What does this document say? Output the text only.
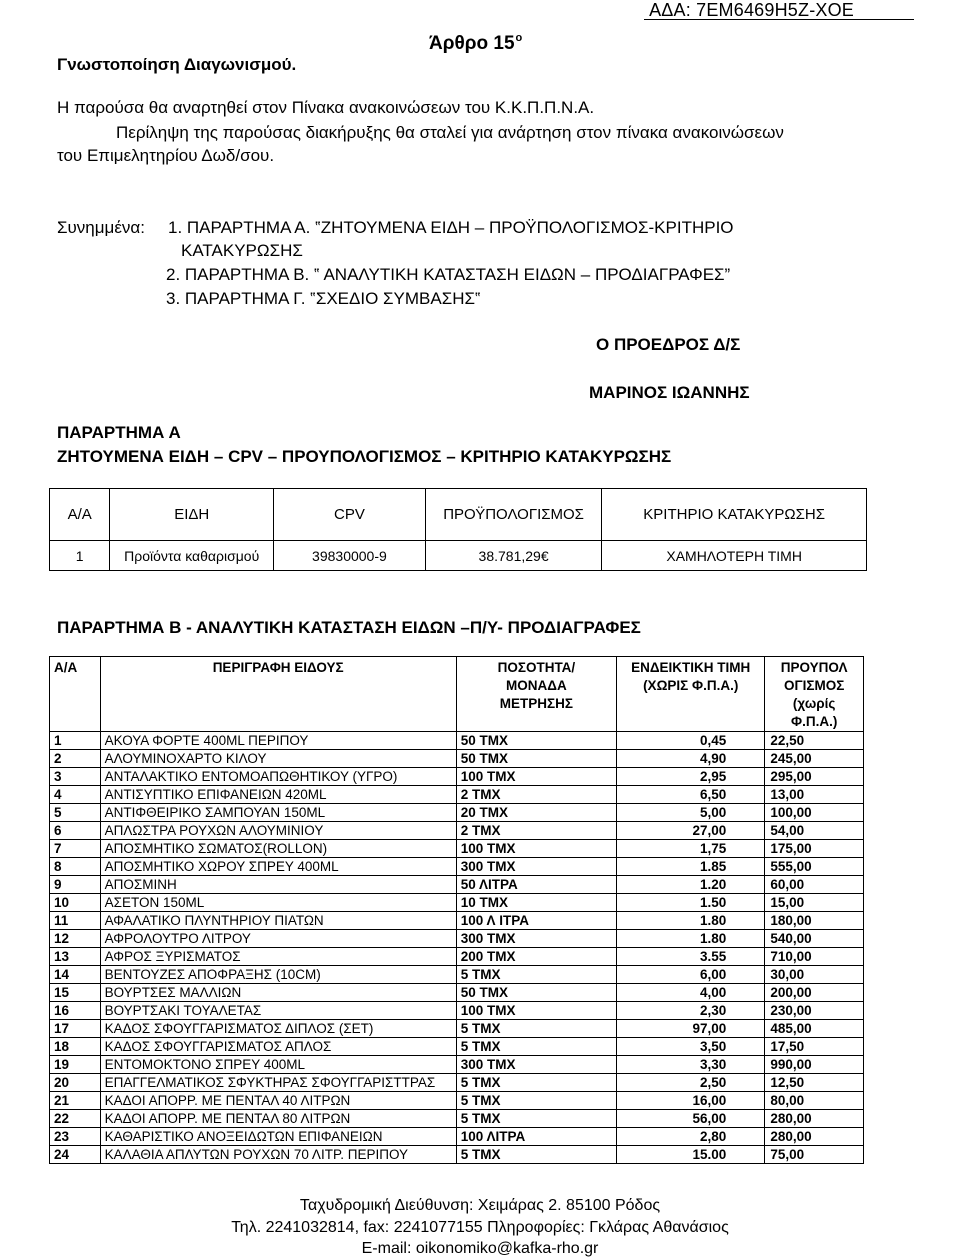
ΑΔΑ: 7ΕΜ6469Η5Ζ-ΧΟΕ
Γνωστοποίηση Διαγωνισμού.
Άρθρο $15^o$
Η παρούσα θα αναρτηθεί στον Πίνακα ανακοινώσεων του Κ.Κ.Π.Π.Ν.Α.
Περίληψη της παρούσας διακήρυξης θα σταλεί για ανάρτηση στον πίνακα ανακοινώσεων
του Επιμελητηρίου Δωδ/σου.
Συνημμένα: 1. ΠΑΡΑΡΤΗΜΑ Α. ‟ΖΗΤΟΥΜΕΝΑ ΕΙΔΗ – ΠΡΟΫΠΟΛΟΓΙΣΜΟΣ-ΚΡΙΤΗΡΙΟ
ΚΑΤΑΚΥΡΩΣΗΣ
2. ΠΑΡΑΡΤΗΜΑ Β. ‟ ΑΝΑΛΥΤΙΚΗ ΚΑΤΑΣΤΑΣΗ ΕΙΔΩΝ – ΠΡΟΔΙΑΓΡΑΦΕΣ”
3. ΠΑΡΑΡΤΗΜΑ Γ. ‟ΣΧΕΔΙΟ ΣΥΜΒΑΣΗΣ‟
Ο ΠΡΟΕΔΡΟΣ Δ/Σ
ΜΑΡΙΝΟΣ ΙΩΑΝΝΗΣ
ΠΑΡΑΡΤΗΜΑ Α
ΖΗΤΟΥΜΕΝΑ ΕΙΔΗ – CPV – ΠΡΟΥΠΟΛΟΓΙΣΜΟΣ – ΚΡΙΤΗΡΙΟ ΚΑΤΑΚΥΡΩΣΗΣ
Α/Α	ΕΙΔΗ	CPV	ΠΡΟΫΠΟΛΟΓΙΣΜΟΣ	ΚΡΙΤΗΡΙΟ ΚΑΤΑΚΥΡΩΣΗΣ
1	Προϊόντα καθαρισμού	39830000-9	38.781,29€	ΧΑΜΗΛΟΤΕΡΗ ΤΙΜΗ
ΠΑΡΑΡΤΗΜΑ Β - ΑΝΑΛΥΤΙΚΗ ΚΑΤΑΣΤΑΣΗ ΕΙΔΩΝ –Π/Υ- ΠΡΟΔΙΑΓΡΑΦΕΣ
Α/Α	ΠΕΡΙΓΡΑΦΗ ΕΙΔΟΥΣ	ΠΟΣΟΤΗΤΑ/ ΜΟΝΑΔΑ ΜΕΤΡΗΣΗΣ	ΕΝΔΕΙΚΤΙΚΗ ΤΙΜΗ (ΧΩΡΙΣ Φ.Π.Α.)	ΠΡΟΥΠΟΛ ΟΓΙΣΜΟΣ (χωρίς Φ.Π.Α.)
1	ΑΚΟΥΑ ΦΟΡΤΕ 400ML ΠΕΡΙΠΟΥ	50 ΤΜΧ	0,45	22,50
2	ΑΛΟΥΜΙΝΟΧΑΡΤΟ ΚΙΛΟΥ	50 ΤΜΧ	4,90	245,00
3	ΑΝΤΑΛΑΚΤΙΚΟ ΕΝΤΟΜΟΑΠΩΘΗΤΙΚΟΥ (ΥΓΡΟ)	100 ΤΜΧ	2,95	295,00
4	ΑΝΤΙΣΥΠΤΙΚΟ ΕΠΙΦΑΝΕΙΩΝ 420ML	2 ΤΜΧ	6,50	13,00
5	ΑΝΤΙΦΘΕΙΡΙΚΟ ΣΑΜΠΟΥΑΝ 150ML	20 ΤΜΧ	5,00	100,00
6	ΑΠΛΩΣΤΡΑ ΡΟΥΧΩΝ ΑΛΟΥΜΙΝΙΟΥ	2 ΤΜΧ	27,00	54,00
7	ΑΠΟΣΜΗΤΙΚΟ ΣΩΜΑΤΟΣ(ROLLON)	100 ΤΜΧ	1,75	175,00
8	ΑΠΟΣΜΗΤΙΚΟ ΧΩΡΟΥ ΣΠΡΕΥ 400ML	300 ΤΜΧ	1.85	555,00
9	ΑΠΟΣΜΙΝΗ	50 ΛΙΤΡΑ	1.20	60,00
10	ΑΣΕΤΟΝ 150ML	10 ΤΜΧ	1.50	15,00
11	ΑΦΑΛΑΤΙΚΟ ΠΛΥΝΤΗΡΙΟΥ ΠΙΑΤΩΝ	100 Λ ΙΤΡΑ	1.80	180,00
12	ΑΦΡΟΛΟΥΤΡΟ ΛΙΤΡΟΥ	300 ΤΜΧ	1.80	540,00
13	ΑΦΡΟΣ ΞΥΡΙΣΜΑΤΟΣ	200 ΤΜΧ	3.55	710,00
14	ΒΕΝΤΟΥΖΕΣ ΑΠΟΦΡΑΞΗΣ (10CM)	5 ΤΜΧ	6,00	30,00
15	ΒΟΥΡΤΣΕΣ ΜΑΛΛΙΩΝ	50 ΤΜΧ	4,00	200,00
16	ΒΟΥΡΤΣΑΚΙ ΤΟΥΑΛΕΤΑΣ	100 ΤΜΧ	2,30	230,00
17	ΚΑΔΟΣ ΣΦΟΥΓΓΑΡΙΣΜΑΤΟΣ ΔΙΠΛΟΣ (ΣΕΤ)	5 ΤΜΧ	97,00	485,00
18	ΚΑΔΟΣ ΣΦΟΥΓΓΑΡΙΣΜΑΤΟΣ ΑΠΛΟΣ	5 ΤΜΧ	3,50	17,50
19	ΕΝΤΟΜΟΚΤΟΝΟ ΣΠΡΕΥ 400ML	300 ΤΜΧ	3,30	990,00
20	ΕΠΑΓΓΕΛΜΑΤΙΚΟΣ ΣΦΥΚΤΗΡΑΣ ΣΦΟΥΓΓΑΡΙΣΤΤΡΑΣ	5 ΤΜΧ	2,50	12,50
21	ΚΑΔΟΙ ΑΠΟΡΡ. ΜΕ ΠΕΝΤΑΛ 40 ΛΙΤΡΩΝ	5 ΤΜΧ	16,00	80,00
22	ΚΑΔΟΙ ΑΠΟΡΡ. ΜΕ ΠΕΝΤΑΛ 80 ΛΙΤΡΩΝ	5 ΤΜΧ	56,00	280,00
23	ΚΑΘΑΡΙΣΤΙΚΟ ΑΝΟΞΕΙΔΩΤΩΝ ΕΠΙΦΑΝΕΙΩΝ	100 ΛΙΤΡΑ	2,80	280,00
24	ΚΑΛΑΘΙΑ ΑΠΛΥΤΩΝ ΡΟΥΧΩΝ 70 ΛΙΤΡ. ΠΕΡΙΠΟΥ	5 ΤΜΧ	15.00	75,00
Ταχυδρομική Διεύθυνση: Χειμάρας 2. 85100 Ρόδος
Τηλ. 2241032814, fax: 2241077155 Πληροφορίες: Γκλάρας Αθανάσιος
E-mail: oikonomiko@kafka-rho.gr
